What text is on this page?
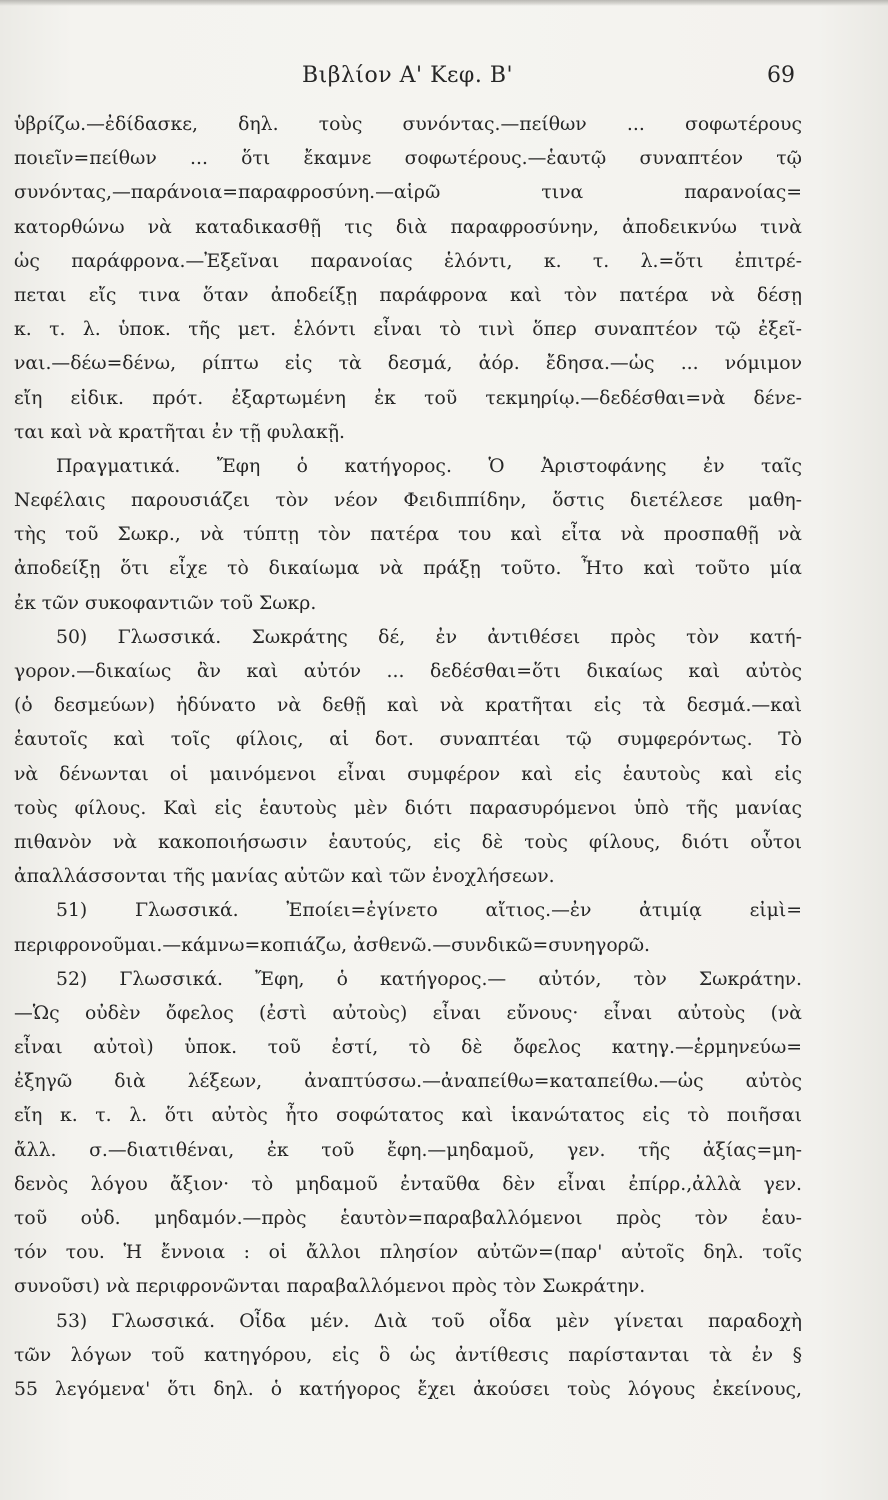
Βιβλίον Α' Κεφ. Β'	69
ὑβρίζω.—ἐδίδασκε, δηλ. τοὺς συνόντας.—πείθων ... σοφωτέρους
ποιεῖν=πείθων ... ὅτι ἔκαμνε σοφωτέρους.—ἑαυτῷ συναπτέον τῷ
συνόντας,—παράνοια=παραφροσύνη.—αἱρῶ τινα παρανοίας=
κατορθώνω νὰ καταδικασθῇ τις διὰ παραφροσύνην, ἀποδεικνύω τινὰ
ὡς παράφρονα.—Ἐξεῖναι παρανοίας ἑλόντι, κ. τ. λ.=ὅτι ἐπιτρέ-
πεται εἴς τινα ὅταν ἀποδείξῃ παράφρονα καὶ τὸν πατέρα νὰ δέσῃ
κ. τ. λ. ὑποκ. τῆς μετ. ἑλόντι εἶναι τὸ τινὶ ὅπερ συναπτέον τῷ ἐξεῖ-
ναι.—δέω=δένω, ρίπτω εἰς τὰ δεσμά, ἀόρ. ἔδησα.—ὡς ... νόμιμον
εἴη εἰδικ. πρότ. ἐξαρτωμένη ἐκ τοῦ τεκμηρίῳ.—δεδέσθαι=νὰ δένε-
ται καὶ νὰ κρατῆται ἐν τῇ φυλακῇ.
Πραγματικά. Ἔφη ὁ κατήγορος. Ὁ Ἀριστοφάνης ἐν ταῖς
Νεφέλαις παρουσιάζει τὸν νέον Φειδιππίδην, ὅστις διετέλεσε μαθη-
τὴς τοῦ Σωκρ., νὰ τύπτῃ τὸν πατέρα του καὶ εἶτα νὰ προσπαθῇ νὰ
ἀποδείξῃ ὅτι εἶχε τὸ δικαίωμα νὰ πράξῃ τοῦτο. Ἦτο καὶ τοῦτο μία
ἐκ τῶν συκοφαντιῶν τοῦ Σωκρ.
50) Γλωσσικά. Σωκράτης δέ, ἐν ἀντιθέσει πρὸς τὸν κατή-
γορον.—δικαίως ἂν καὶ αὐτόν ... δεδέσθαι=ὅτι δικαίως καὶ αὐτὸς
(ὁ δεσμεύων) ἠδύνατο νὰ δεθῇ καὶ νὰ κρατῆται εἰς τὰ δεσμά.—καὶ
ἑαυτοῖς καὶ τοῖς φίλοις, αἱ δοτ. συναπτέαι τῷ συμφερόντως. Τὸ
νὰ δένωνται οἱ μαινόμενοι εἶναι συμφέρον καὶ εἰς ἑαυτοὺς καὶ εἰς
τοὺς φίλους. Καὶ εἰς ἑαυτοὺς μὲν διότι παρασυρόμενοι ὑπὸ τῆς μανίας
πιθανὸν νὰ κακοποιήσωσιν ἑαυτούς, εἰς δὲ τοὺς φίλους, διότι οὗτοι
ἀπαλλάσσονται τῆς μανίας αὐτῶν καὶ τῶν ἐνοχλήσεων.
51) Γλωσσικά. Ἐποίει=ἐγίνετο αἴτιος.—ἐν ἀτιμίᾳ εἰμὶ=
περιφρονοῦμαι.—κάμνω=κοπιάζω, ἀσθενῶ.—συνδικῶ=συνηγορῶ.
52) Γλωσσικά. Ἔφη, ὁ κατήγορος.— αὐτόν, τὸν Σωκράτην.
—Ὡς οὐδὲν ὄφελος (ἐστὶ αὐτοὺς) εἶναι εὔνους· εἶναι αὐτοὺς (νὰ
εἶναι αὐτοὶ) ὑποκ. τοῦ ἐστί, τὸ δὲ ὄφελος κατηγ.—ἑρμηνεύω=
ἐξηγῶ διὰ λέξεων, ἀναπτύσσω.—ἀναπείθω=καταπείθω.—ὡς αὐτὸς
εἴη κ. τ. λ. ὅτι αὐτὸς ἦτο σοφώτατος καὶ ἱκανώτατος εἰς τὸ ποιῆσαι
ἄλλ. σ.—διατιθέναι, ἐκ τοῦ ἔφη.—μηδαμοῦ, γεν. τῆς ἀξίας=μη-
δενὸς λόγου ἄξιον· τὸ μηδαμοῦ ἐνταῦθα δὲν εἶναι ἐπίρρ.,ἀλλὰ γεν.
τοῦ οὐδ. μηδαμόν.—πρὸς ἑαυτὸν=παραβαλλόμενοι πρὸς τὸν ἑαυ-
τόν του. Ἡ ἔννοια : οἱ ἄλλοι πλησίον αὐτῶν=(παρ' αὐτοῖς δηλ. τοῖς
συνοῦσι) νὰ περιφρονῶνται παραβαλλόμενοι πρὸς τὸν Σωκράτην.
53) Γλωσσικά. Οἶδα μέν. Διὰ τοῦ οἶδα μὲν γίνεται παραδοχὴ
τῶν λόγων τοῦ κατηγόρου, εἰς ὃ ὡς ἀντίθεσις παρίστανται τὰ ἐν §
55 λεγόμενα' ὅτι δηλ. ὁ κατήγορος ἔχει ἀκούσει τοὺς λόγους ἐκείνους,
